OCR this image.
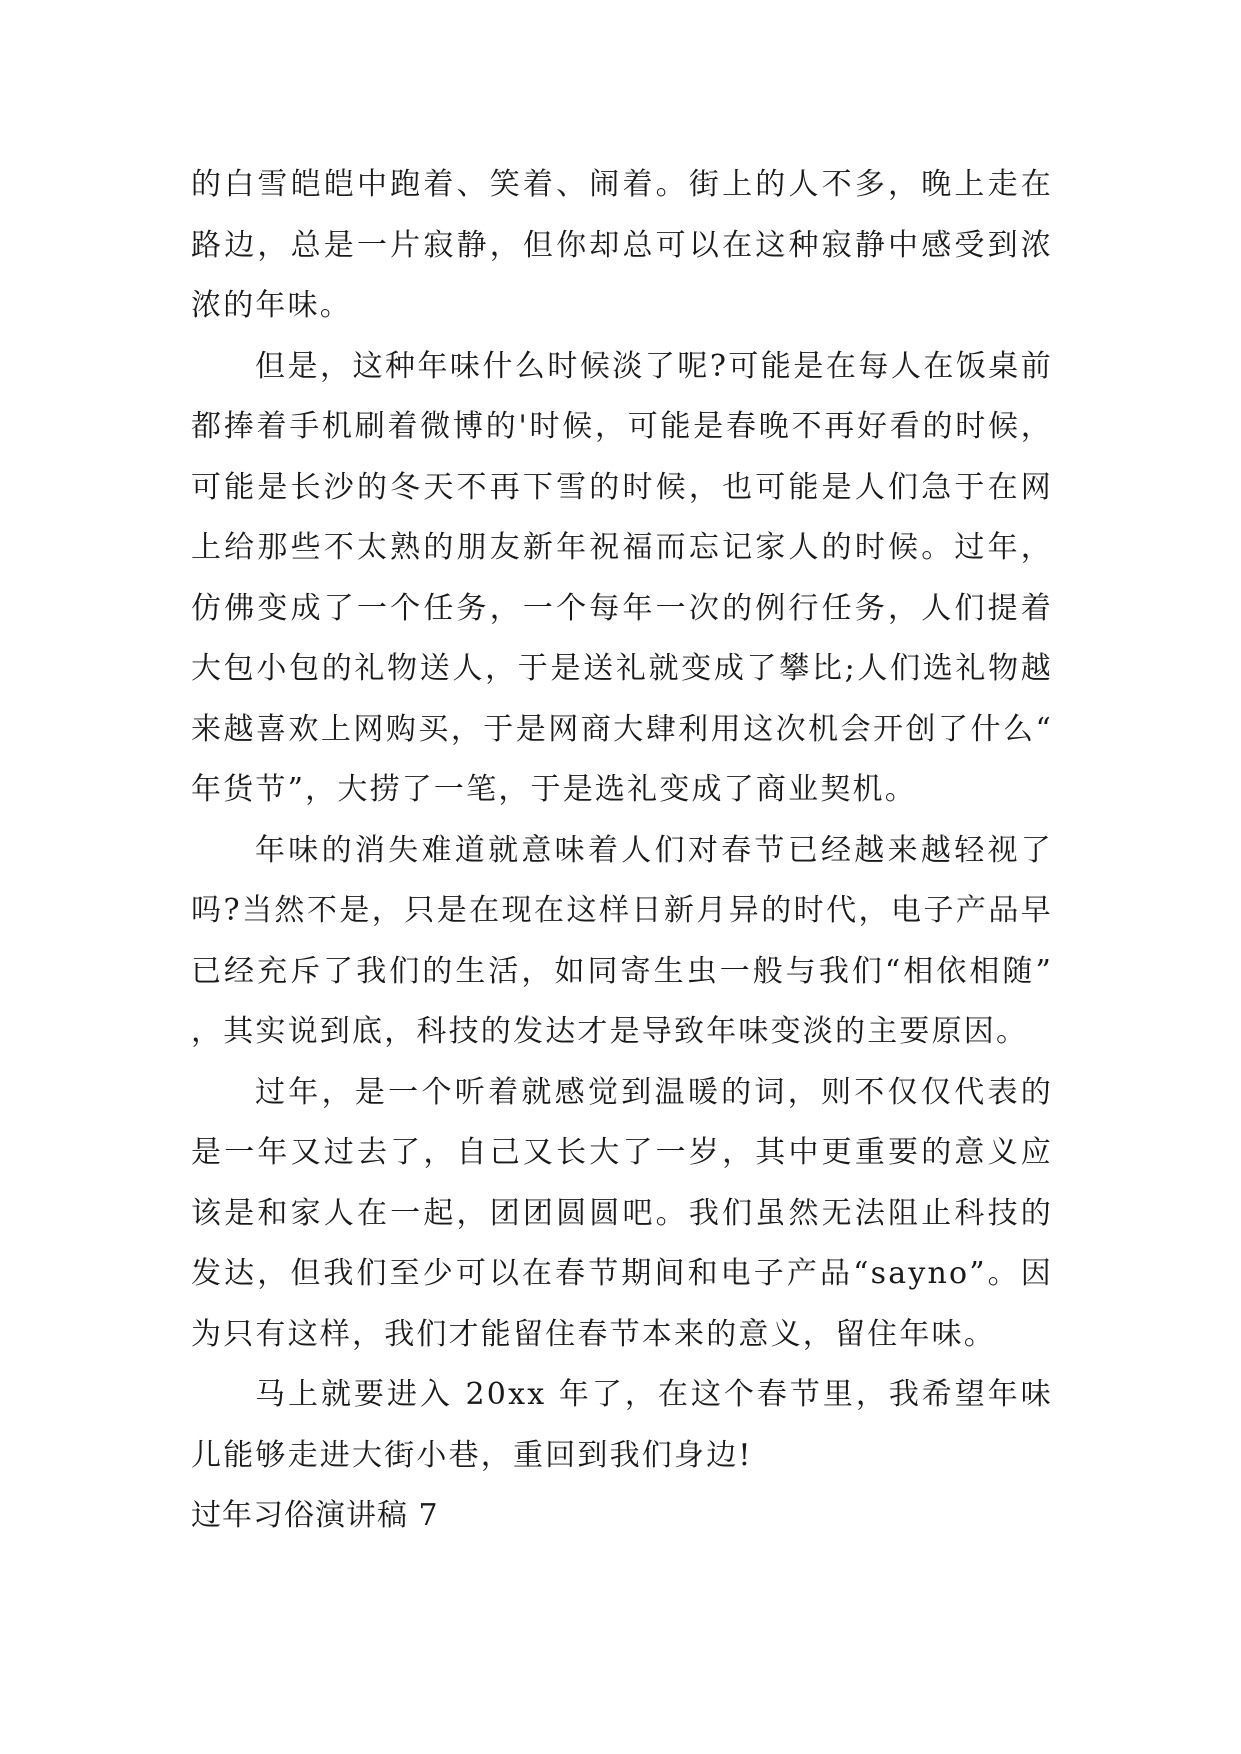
的白雪皑皑中跑着、笑着、闹着。街上的人不多，晚上走在路边，总是一片寂静，但你却总可以在这种寂静中感受到浓浓的年味。

但是，这种年味什么时候淡了呢?可能是在每人在饭桌前都捧着手机刷着微博的'时候，可能是春晚不再好看的时候，可能是长沙的冬天不再下雪的时候，也可能是人们急于在网上给那些不太熟的朋友新年祝福而忘记家人的时候。过年，仿佛变成了一个任务，一个每年一次的例行任务，人们提着大包小包的礼物送人，于是送礼就变成了攀比;人们选礼物越来越喜欢上网购买，于是网商大肆利用这次机会开创了什么“年货节”，大捞了一笔，于是选礼变成了商业契机。

年味的消失难道就意味着人们对春节已经越来越轻视了吗?当然不是，只是在现在这样日新月异的时代，电子产品早已经充斥了我们的生活，如同寄生虫一般与我们“相依相随”，其实说到底，科技的发达才是导致年味变淡的主要原因。

过年，是一个听着就感觉到温暖的词，则不仅仅代表的是一年又过去了，自己又长大了一岁，其中更重要的意义应该是和家人在一起，团团圆圆吧。我们虽然无法阻止科技的发达，但我们至少可以在春节期间和电子产品“sayno”。因为只有这样，我们才能留住春节本来的意义，留住年味。

马上就要进入 20xx 年了，在这个春节里，我希望年味儿能够走进大街小巷，重回到我们身边!

过年习俗演讲稿 7
